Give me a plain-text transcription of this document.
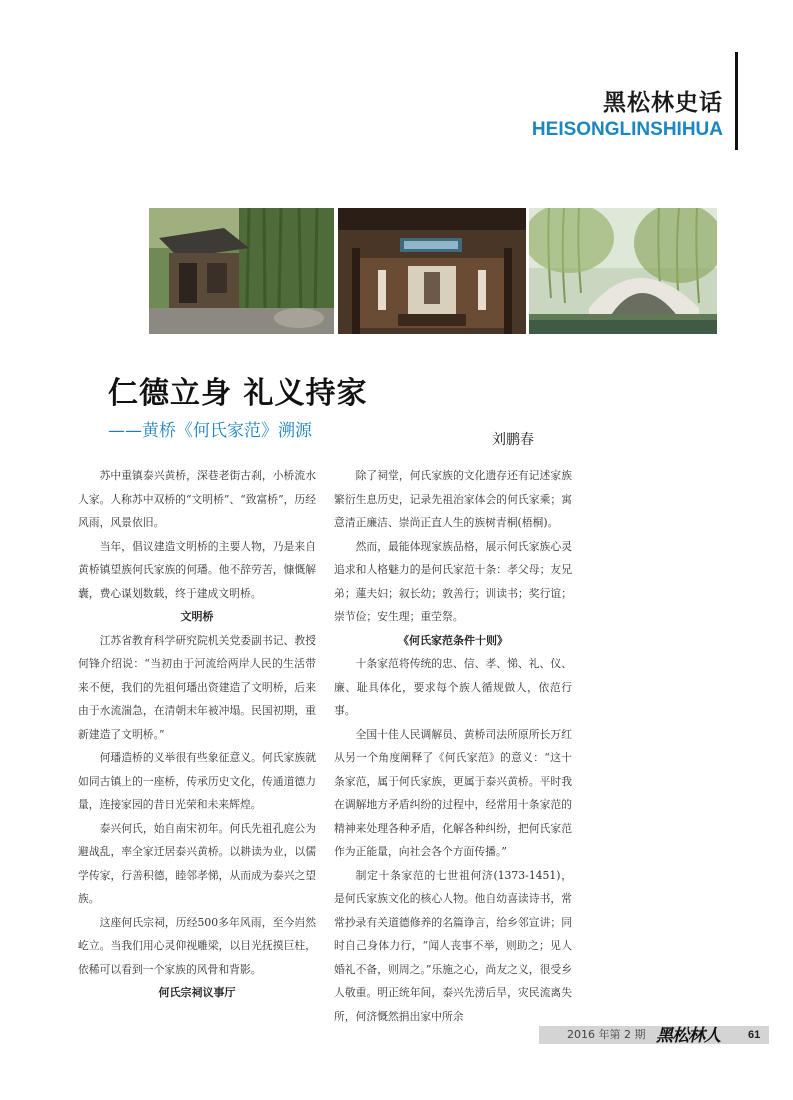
黑松林史话
HEISONGLINSHIHUA
仁德立身 礼义持家
——黄桥《何氏家范》溯源	刘鹏春

苏中重镇泰兴黄桥，深巷老街古刹，小桥流水人家。人称苏中双桥的“文明桥”、“致富桥”，历经风雨，风景依旧。

当年，倡议建造文明桥的主要人物，乃是来自黄桥镇望族何氏家族的何璠。他不辞劳苦，慷慨解囊，费心谋划数载，终于建成文明桥。

文明桥

江苏省教育科学研究院机关党委副书记、教授何锋介绍说：“当初由于河流给两岸人民的生活带来不便，我们的先祖何璠出资建造了文明桥，后来由于水流湍急，在清朝末年被冲塌。民国初期，重新建造了文明桥。”

何璠造桥的义举很有些象征意义。何氏家族就如同古镇上的一座桥，传承历史文化，传通道德力量，连接家园的昔日光荣和未来辉煌。

泰兴何氏，始自南宋初年。何氏先祖孔庭公为避战乱，率全家迁居泰兴黄桥。以耕读为业，以儒学传家，行善积德，睦邻孝悌，从而成为泰兴之望族。

这座何氏宗祠，历经500多年风雨，至今岿然屹立。当我们用心灵仰视雕梁，以目光抚摸巨柱，依稀可以看到一个家族的风骨和背影。

何氏宗祠议事厅

除了祠堂，何氏家族的文化遗存还有记述家族繁衍生息历史，记录先祖治家体会的何氏家乘；寓意清正廉洁、崇尚正直人生的族树青桐(梧桐)。

然而，最能体现家族品格，展示何氏家族心灵追求和人格魅力的是何氏家范十条：孝父母；友兄弟；蓮夫妇；叙长幼；敦善行；训读书；奖行谊；崇节俭；安生理；重茔祭。

《何氏家范条件十则》

十条家范将传统的忠、信、孝、悌、礼、仪、廉、耻具体化，要求每个族人循规做人，依范行事。

全国十佳人民调解员、黄桥司法所原所长万红从另一个角度阐释了《何氏家范》的意义：“这十条家范，属于何氏家族，更属于泰兴黄桥。平时我在调解地方矛盾纠纷的过程中，经常用十条家范的精神来处理各种矛盾，化解各种纠纷，把何氏家范作为正能量，向社会各个方面传播。”

制定十条家范的七世祖何济(1373-1451)，是何氏家族文化的核心人物。他自幼喜读诗书，常常抄录有关道德修养的名篇诤言，给乡邻宣讲；同时自己身体力行，“闻人丧事不举，则助之；见人婚礼不备，则周之。”乐施之心，尚友之义，很受乡人敬重。明正统年间，泰兴先涝后旱，灾民流离失所，何济慨然捐出家中所余

2016 年第 2 期 黑松林人	61
